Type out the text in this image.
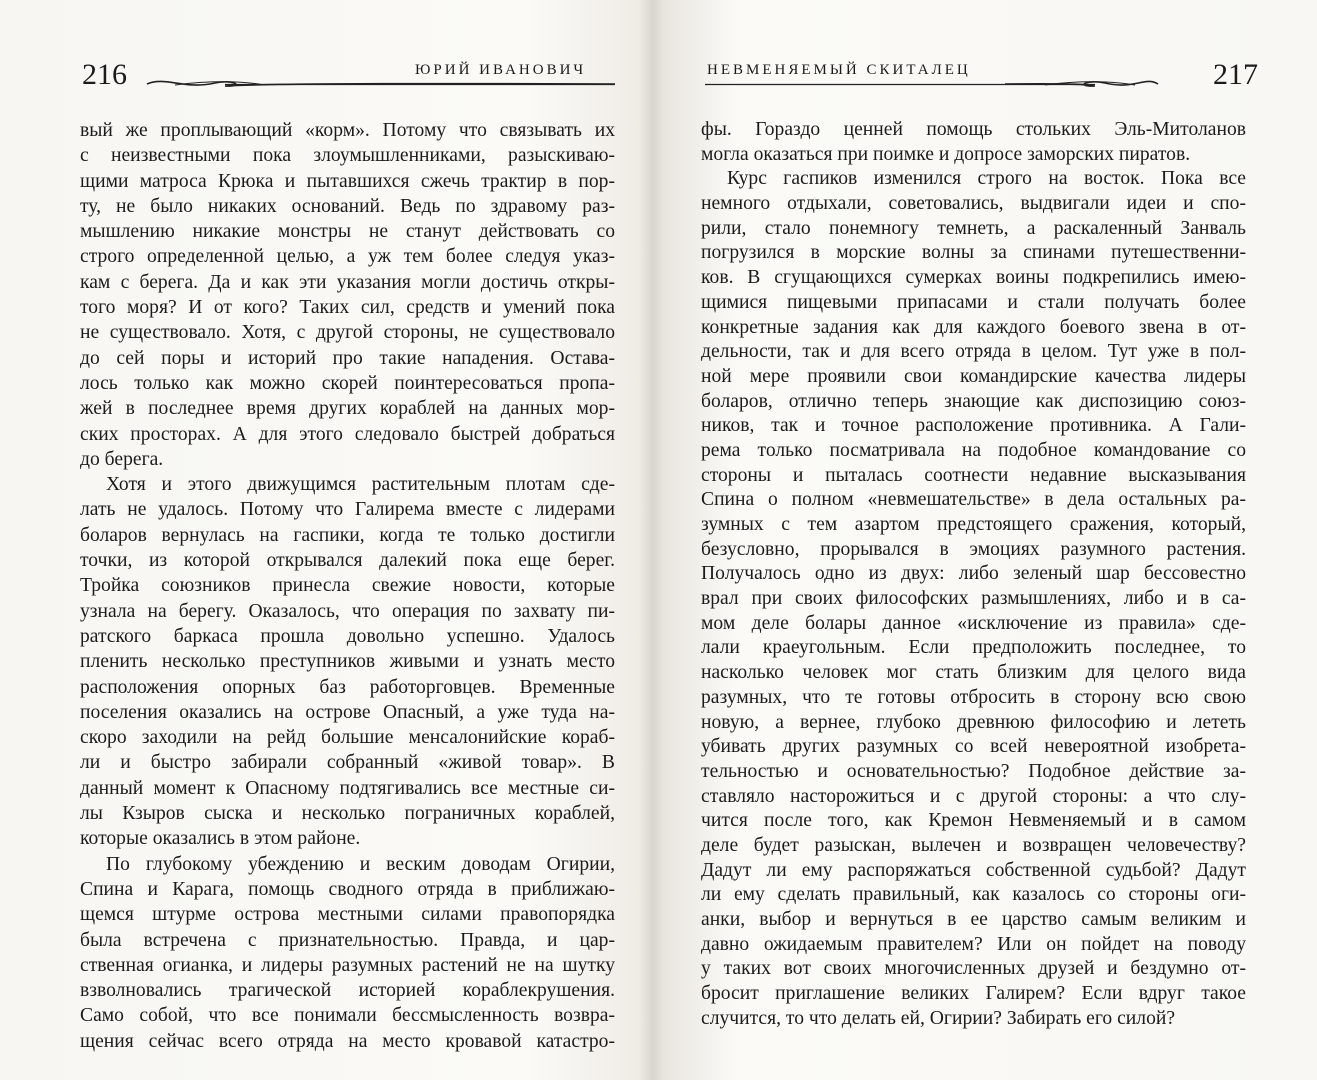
216	ЮРИЙ ИВАНОВИЧ
вый же проплывающий «корм». Потому что связывать их
с неизвестными пока злоумышленниками, разыскиваю-
щими матроса Крюка и пытавшихся сжечь трактир в пор-
ту, не было никаких оснований. Ведь по здравому раз-
мышлению никакие монстры не станут действовать со
строго определенной целью, а уж тем более следуя указ-
кам с берега. Да и как эти указания могли достичь откры-
того моря? И от кого? Таких сил, средств и умений пока
не существовало. Хотя, с другой стороны, не существовало
до сей поры и историй про такие нападения. Остава-
лось только как можно скорей поинтересоваться пропа-
жей в последнее время других кораблей на данных мор-
ских просторах. А для этого следовало быстрей добраться
до берега.
Хотя и этого движущимся растительным плотам сде-
лать не удалось. Потому что Галирема вместе с лидерами
боларов вернулась на гаспики, когда те только достигли
точки, из которой открывался далекий пока еще берег.
Тройка союзников принесла свежие новости, которые
узнала на берегу. Оказалось, что операция по захвату пи-
ратского баркаса прошла довольно успешно. Удалось
пленить несколько преступников живыми и узнать место
расположения опорных баз работорговцев. Временные
поселения оказались на острове Опасный, а уже туда на-
скоро заходили на рейд большие менсалонийские кораб-
ли и быстро забирали собранный «живой товар». В
данный момент к Опасному подтягивались все местные си-
лы Кзыров сыска и несколько пограничных кораблей,
которые оказались в этом районе.
По глубокому убеждению и веским доводам Огирии,
Спина и Карага, помощь сводного отряда в приближаю-
щемся штурме острова местными силами правопорядка
была встречена с признательностью. Правда, и цар-
ственная огианка, и лидеры разумных растений не на шутку
взволновались трагической историей кораблекрушения.
Само собой, что все понимали бессмысленность возвра-
щения сейчас всего отряда на место кровавой катастро-
НЕВМЕНЯЕМЫЙ СКИТАЛЕЦ	217
фы. Гораздо ценней помощь стольких Эль-Митоланов
могла оказаться при поимке и допросе заморских пиратов.
Курс гаспиков изменился строго на восток. Пока все
немного отдыхали, советовались, выдвигали идеи и спо-
рили, стало понемногу темнеть, а раскаленный Занваль
погрузился в морские волны за спинами путешественни-
ков. В сгущающихся сумерках воины подкрепились имею-
щимися пищевыми припасами и стали получать более
конкретные задания как для каждого боевого звена в от-
дельности, так и для всего отряда в целом. Тут уже в пол-
ной мере проявили свои командирские качества лидеры
боларов, отлично теперь знающие как диспозицию союз-
ников, так и точное расположение противника. А Гали-
рема только посматривала на подобное командование со
стороны и пыталась соотнести недавние высказывания
Спина о полном «невмешательстве» в дела остальных ра-
зумных с тем азартом предстоящего сражения, который,
безусловно, прорывался в эмоциях разумного растения.
Получалось одно из двух: либо зеленый шар бессовестно
врал при своих философских размышлениях, либо и в са-
мом деле болары данное «исключение из правила» сде-
лали краеугольным. Если предположить последнее, то
насколько человек мог стать близким для целого вида
разумных, что те готовы отбросить в сторону всю свою
новую, а вернее, глубоко древнюю философию и лететь
убивать других разумных со всей невероятной изобрета-
тельностью и основательностью? Подобное действие за-
ставляло насторожиться и с другой стороны: а что слу-
чится после того, как Кремон Невменяемый и в самом
деле будет разыскан, вылечен и возвращен человечеству?
Дадут ли ему распоряжаться собственной судьбой? Дадут
ли ему сделать правильный, как казалось со стороны оги-
анки, выбор и вернуться в ее царство самым великим и
давно ожидаемым правителем? Или он пойдет на поводу
у таких вот своих многочисленных друзей и бездумно от-
бросит приглашение великих Галирем? Если вдруг такое
случится, то что делать ей, Огирии? Забирать его силой?
